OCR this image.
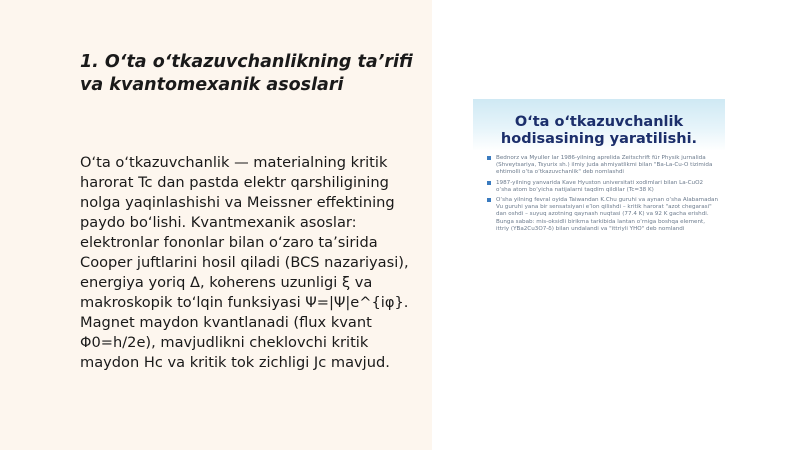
1. O‘ta o‘tkazuvchanlikning ta’rifi va kvantomexanik asoslari

O‘ta o‘tkazuvchanlik — materialning kritik harorat Tc dan pastda elektr qarshiligining nolga yaqinlashishi va Meissner effektining paydo bo‘lishi. Kvantmexanik asoslar: elektronlar fononlar bilan o‘zaro ta’sirida Cooper juftlarini hosil qiladi (BCS nazariyasi), energiya yoriq Δ, koherens uzunligi ξ va makroskopik to‘lqin funksiyasi Ψ=|Ψ|e^{iφ}. Magnet maydon kvantlanadi (flux kvant Φ0=h/2e), mavjudlikni cheklovchi kritik maydon Hc va kritik tok zichligi Jc mavjud.

O‘ta o‘tkazuvchanlik
hodisasining yaratilishi.
Bednorz va Myuller lar 1986-yilning aprelida Zeitschrift für Physik jurnalida (Shveytsariya, Tsyurix sh.) ilmiy juda ahmiyatlikmi bilan "Ba-La-Cu-O tizimida ehtimolli o‘ta o‘tkazuvchanlik" deb nomlashdi
1987-yilning yanvarida Kave Hyuston universitati xodimlari bilan La-CuO2 o‘sha atom bo‘yicha natijalarni taqdim qildilar (Tc=38 K)
O‘sha yilning fevral oyida Taiwandan K.Chu guruhi va aynan o‘sha Alabamadan Vu guruhi yana bir sensatsiyani e’lon qilishdi – kritik harorat "azot chegarasi" dan oshdi – suyuq azotning qaynash nuqtasi (77.4 K) va 92 K gacha erishdi. Bunga sabab: mis-oksidli birikma tarkibida lantan o‘rniga boshqa element, ittriy (YBa2Cu3O7-δ) bilan undalandi va "ittriyli YHO" deb nomlandi
